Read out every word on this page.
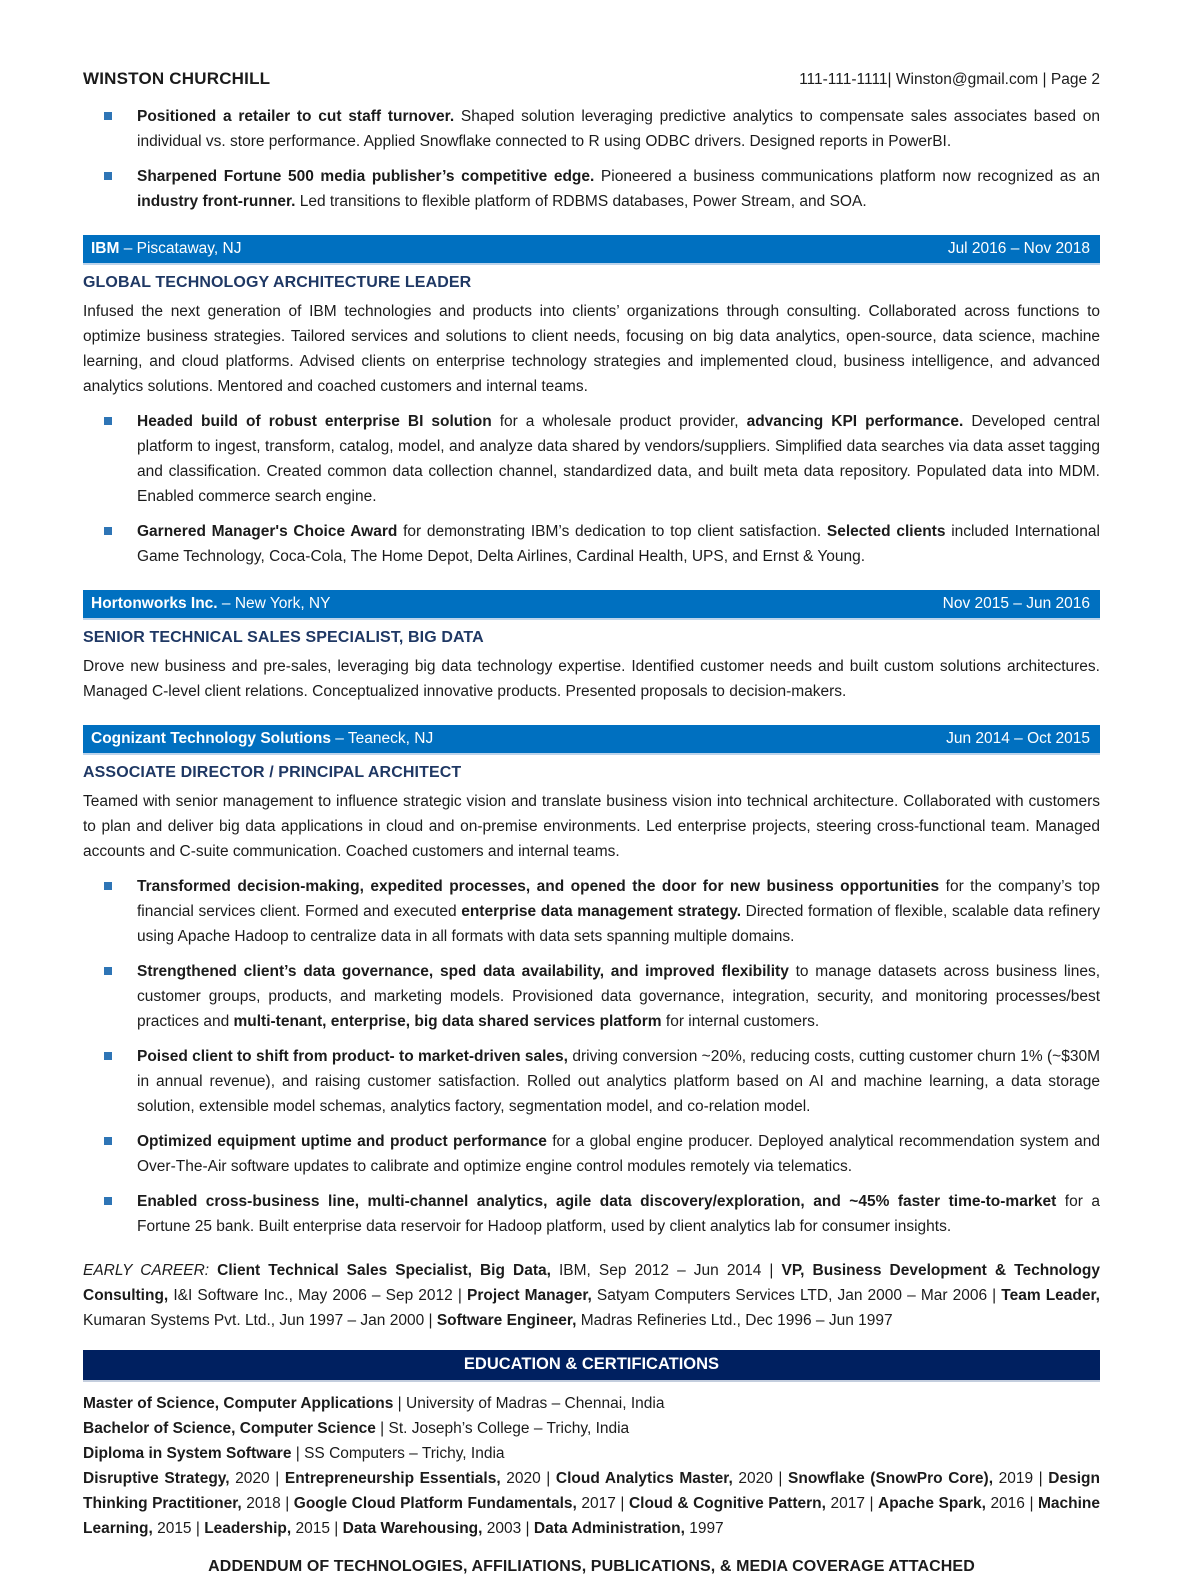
WINSTON CHURCHILL	111-111-1111| Winston@gmail.com | Page 2
Positioned a retailer to cut staff turnover. Shaped solution leveraging predictive analytics to compensate sales associates based on individual vs. store performance. Applied Snowflake connected to R using ODBC drivers. Designed reports in PowerBI.
Sharpened Fortune 500 media publisher’s competitive edge. Pioneered a business communications platform now recognized as an industry front-runner. Led transitions to flexible platform of RDBMS databases, Power Stream, and SOA.
IBM – Piscataway, NJ	Jul 2016 – Nov 2018
GLOBAL TECHNOLOGY ARCHITECTURE LEADER

Infused the next generation of IBM technologies and products into clients’ organizations through consulting. Collaborated across functions to optimize business strategies. Tailored services and solutions to client needs, focusing on big data analytics, open-source, data science, machine learning, and cloud platforms. Advised clients on enterprise technology strategies and implemented cloud, business intelligence, and advanced analytics solutions. Mentored and coached customers and internal teams.

Headed build of robust enterprise BI solution for a wholesale product provider, advancing KPI performance. Developed central platform to ingest, transform, catalog, model, and analyze data shared by vendors/suppliers. Simplified data searches via data asset tagging and classification. Created common data collection channel, standardized data, and built meta data repository. Populated data into MDM. Enabled commerce search engine.
Garnered Manager's Choice Award for demonstrating IBM’s dedication to top client satisfaction. Selected clients included International Game Technology, Coca-Cola, The Home Depot, Delta Airlines, Cardinal Health, UPS, and Ernst & Young.
Hortonworks Inc. – New York, NY	Nov 2015 – Jun 2016
SENIOR TECHNICAL SALES SPECIALIST, BIG DATA

Drove new business and pre-sales, leveraging big data technology expertise. Identified customer needs and built custom solutions architectures. Managed C-level client relations. Conceptualized innovative products. Presented proposals to decision-makers.

Cognizant Technology Solutions – Teaneck, NJ	Jun 2014 – Oct 2015
ASSOCIATE DIRECTOR / PRINCIPAL ARCHITECT

Teamed with senior management to influence strategic vision and translate business vision into technical architecture. Collaborated with customers to plan and deliver big data applications in cloud and on-premise environments. Led enterprise projects, steering cross-functional team. Managed accounts and C-suite communication. Coached customers and internal teams.

Transformed decision-making, expedited processes, and opened the door for new business opportunities for the company’s top financial services client. Formed and executed enterprise data management strategy. Directed formation of flexible, scalable data refinery using Apache Hadoop to centralize data in all formats with data sets spanning multiple domains.
Strengthened client’s data governance, sped data availability, and improved flexibility to manage datasets across business lines, customer groups, products, and marketing models. Provisioned data governance, integration, security, and monitoring processes/best practices and multi-tenant, enterprise, big data shared services platform for internal customers.
Poised client to shift from product- to market-driven sales, driving conversion ~20%, reducing costs, cutting customer churn 1% (~$30M in annual revenue), and raising customer satisfaction. Rolled out analytics platform based on AI and machine learning, a data storage solution, extensible model schemas, analytics factory, segmentation model, and co-relation model.
Optimized equipment uptime and product performance for a global engine producer. Deployed analytical recommendation system and Over-The-Air software updates to calibrate and optimize engine control modules remotely via telematics.
Enabled cross-business line, multi-channel analytics, agile data discovery/exploration, and ~45% faster time-to-market for a Fortune 25 bank. Built enterprise data reservoir for Hadoop platform, used by client analytics lab for consumer insights.

EARLY CAREER: Client Technical Sales Specialist, Big Data, IBM, Sep 2012 – Jun 2014 | VP, Business Development & Technology Consulting, I&I Software Inc., May 2006 – Sep 2012 | Project Manager, Satyam Computers Services LTD, Jan 2000 – Mar 2006 | Team Leader, Kumaran Systems Pvt. Ltd., Jun 1997 – Jan 2000 | Software Engineer, Madras Refineries Ltd., Dec 1996 – Jun 1997

EDUCATION & CERTIFICATIONS

Master of Science, Computer Applications | University of Madras – Chennai, India

Bachelor of Science, Computer Science | St. Joseph’s College – Trichy, India

Diploma in System Software | SS Computers – Trichy, India

Disruptive Strategy, 2020 | Entrepreneurship Essentials, 2020 | Cloud Analytics Master, 2020 | Snowflake (SnowPro Core), 2019 | Design Thinking Practitioner, 2018 | Google Cloud Platform Fundamentals, 2017 | Cloud & Cognitive Pattern, 2017 | Apache Spark, 2016 | Machine Learning, 2015 | Leadership, 2015 | Data Warehousing, 2003 | Data Administration, 1997

ADDENDUM OF TECHNOLOGIES, AFFILIATIONS, PUBLICATIONS, & MEDIA COVERAGE ATTACHED
